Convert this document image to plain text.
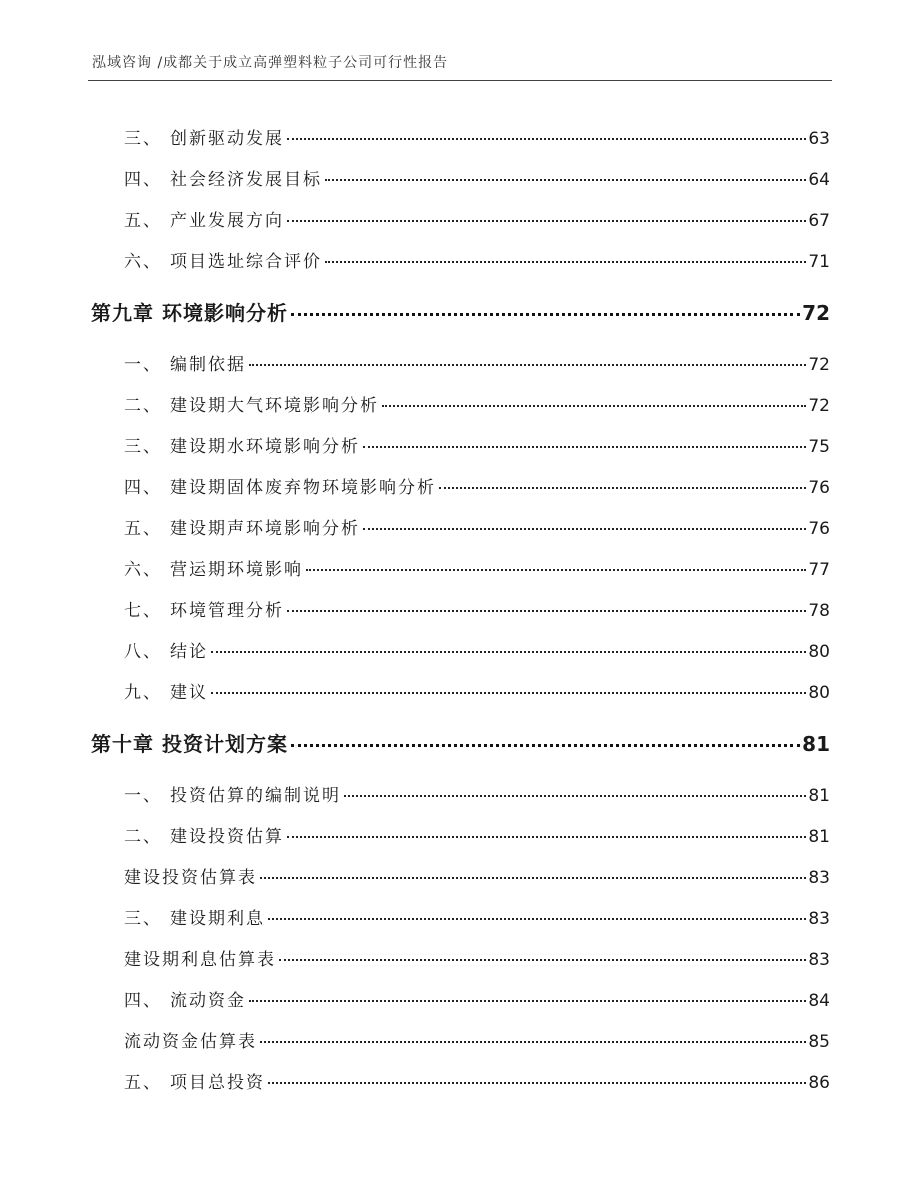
泓域咨询 /成都关于成立高弹塑料粒子公司可行性报告
三、 创新驱动发展	63
四、 社会经济发展目标	64
五、 产业发展方向	67
六、 项目选址综合评价	71
第九章 环境影响分析	72
一、 编制依据	72
二、 建设期大气环境影响分析	72
三、 建设期水环境影响分析	75
四、 建设期固体废弃物环境影响分析	76
五、 建设期声环境影响分析	76
六、 营运期环境影响	77
七、 环境管理分析	78
八、 结论	80
九、 建议	80
第十章 投资计划方案	81
一、 投资估算的编制说明	81
二、 建设投资估算	81
建设投资估算表	83
三、 建设期利息	83
建设期利息估算表	83
四、 流动资金	84
流动资金估算表	85
五、 项目总投资	86
